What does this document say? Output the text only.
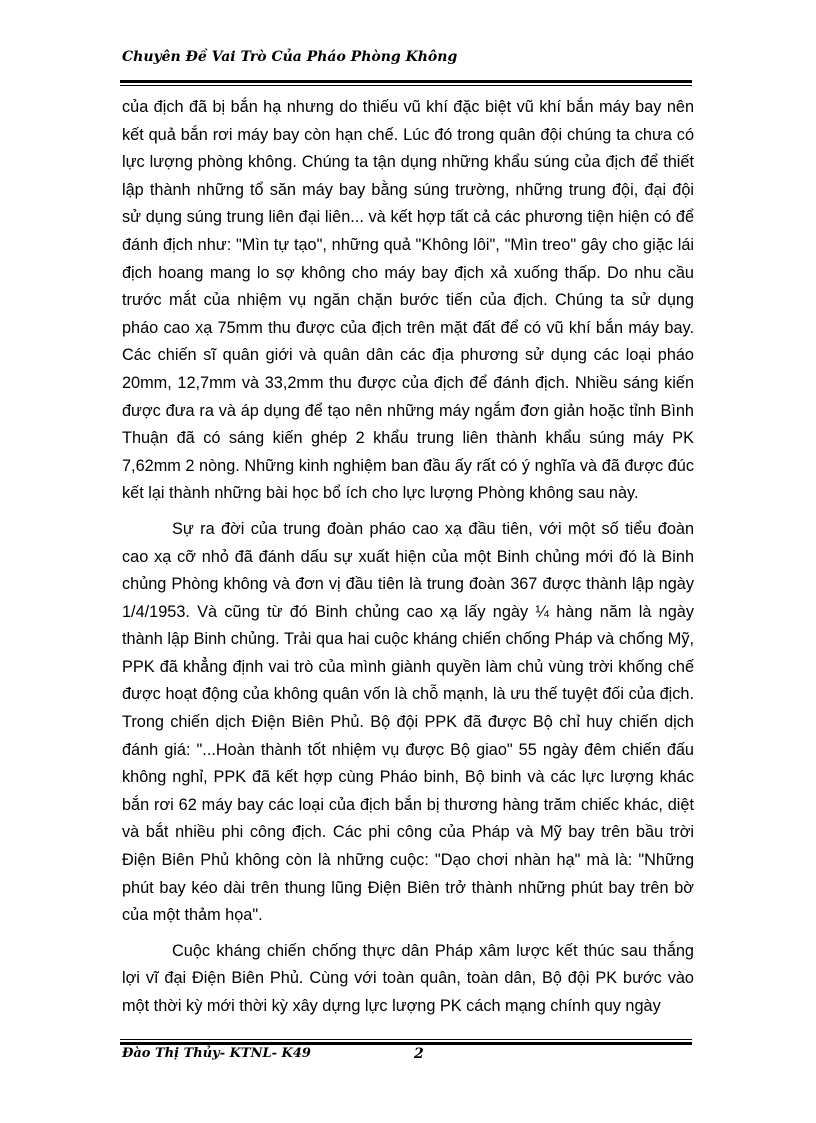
Chuyên Đề Vai Trò Của Pháo Phòng Không

của địch đã bị bắn hạ nhưng do thiếu vũ khí đặc biệt vũ khí bắn máy bay nên kết quả bắn rơi máy bay còn hạn chế. Lúc đó trong quân đội chúng ta chưa có lực lượng phòng không. Chúng ta tận dụng những khẩu súng của địch để thiết lập thành những tổ săn máy bay bằng súng trường, những trung đội, đại đội sử dụng súng trung liên đại liên... và kết hợp tất cả các phương tiện hiện có để đánh địch như: "Mìn tự tạo", những quả "Không lôi", "Mìn treo" gây cho giặc lái địch hoang mang lo sợ không cho máy bay địch xả xuống thấp. Do nhu cầu trước mắt của nhiệm vụ ngăn chặn bước tiến của địch. Chúng ta sử dụng pháo cao xạ 75mm thu được của địch trên mặt đất để có vũ khí bắn máy bay. Các chiến sĩ quân giới và quân dân các địa phương sử dụng các loại pháo 20mm, 12,7mm và 33,2mm thu được của địch để đánh địch. Nhiều sáng kiến được đưa ra và áp dụng để tạo nên những máy ngắm đơn giản hoặc tỉnh Bình Thuận đã có sáng kiến ghép 2 khẩu trung liên thành khẩu súng máy PK 7,62mm 2 nòng. Những kinh nghiệm ban đầu ấy rất có ý nghĩa và đã được đúc kết lại thành những bài học bổ ích cho lực lượng Phòng không sau này.

Sự ra đời của trung đoàn pháo cao xạ đầu tiên, với một số tiểu đoàn cao xạ cỡ nhỏ đã đánh dấu sự xuất hiện của một Binh chủng mới đó là Binh chủng Phòng không và đơn vị đầu tiên là trung đoàn 367 được thành lập ngày 1/4/1953. Và cũng từ đó Binh chủng cao xạ lấy ngày ¼ hàng năm là ngày thành lập Binh chủng. Trải qua hai cuộc kháng chiến chống Pháp và chống Mỹ, PPK đã khẳng định vai trò của mình giành quyền làm chủ vùng trời khống chế được hoạt động của không quân vốn là chỗ mạnh, là ưu thế tuyệt đối của địch. Trong chiến dịch Điện Biên Phủ. Bộ đội PPK đã được Bộ chỉ huy chiến dịch đánh giá: "...Hoàn thành tốt nhiệm vụ được Bộ giao" 55 ngày đêm chiến đấu không nghỉ, PPK đã kết hợp cùng Pháo binh, Bộ binh và các lực lượng khác bắn rơi 62 máy bay các loại của địch bắn bị thương hàng trăm chiếc khác, diệt và bắt nhiều phi công địch. Các phi công của Pháp và Mỹ bay trên bầu trời Điện Biên Phủ không còn là những cuộc: "Dạo chơi nhàn hạ" mà là: "Những phút bay kéo dài trên thung lũng Điện Biên trở thành những phút bay trên bờ của một thảm họa".

Cuộc kháng chiến chống thực dân Pháp xâm lược kết thúc sau thắng lợi vĩ đại Điện Biên Phủ. Cùng với toàn quân, toàn dân, Bộ đội PK bước vào một thời kỳ mới thời kỳ xây dựng lực lượng PK cách mạng chính quy ngày

Đào Thị Thủy- KTNL- K49	2
